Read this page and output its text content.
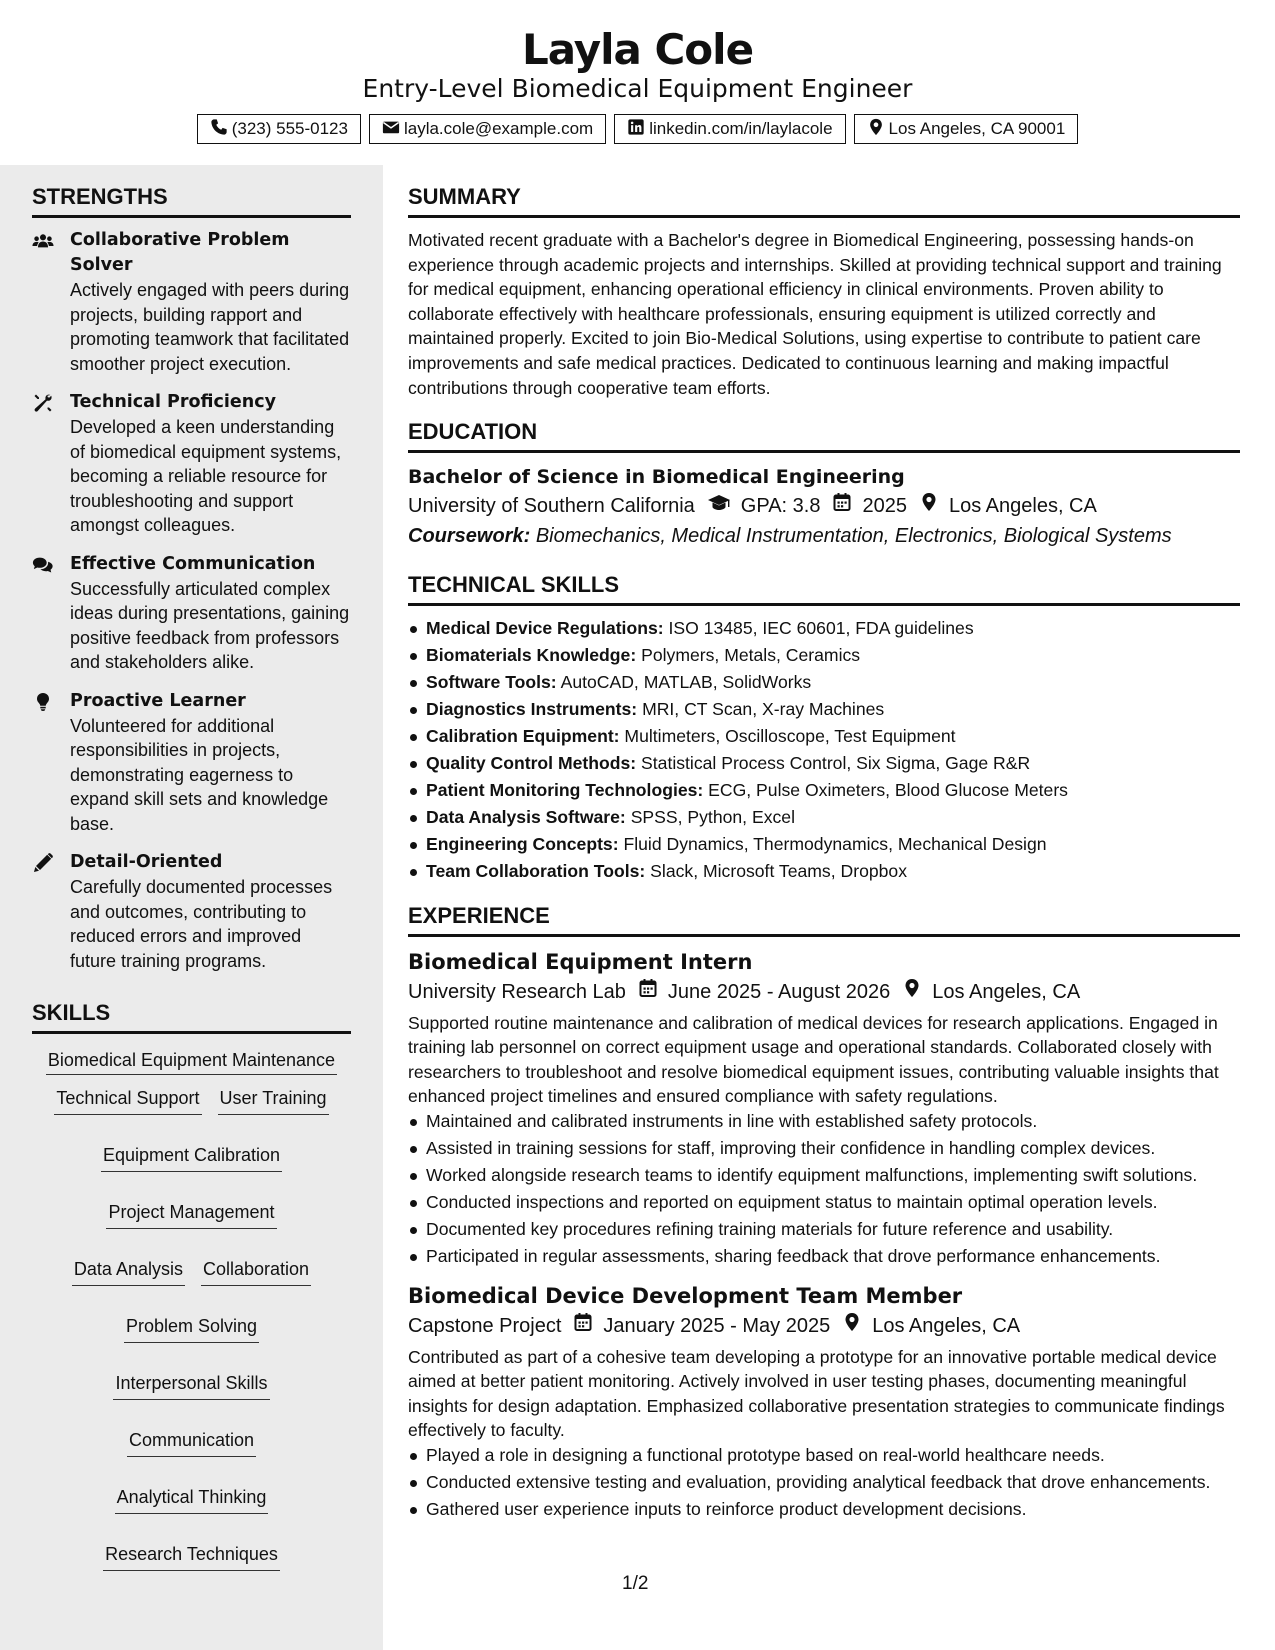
Layla Cole
Entry-Level Biomedical Equipment Engineer
(323) 555-0123	layla.cole@example.com	linkedin.com/in/laylacole	Los Angeles, CA 90001
STRENGTHS
Collaborative Problem Solver
Actively engaged with peers during projects, building rapport and promoting teamwork that facilitated smoother project execution.
Technical Proficiency
Developed a keen understanding of biomedical equipment systems, becoming a reliable resource for troubleshooting and support amongst colleagues.
Effective Communication
Successfully articulated complex ideas during presentations, gaining positive feedback from professors and stakeholders alike.
Proactive Learner
Volunteered for additional responsibilities in projects, demonstrating eagerness to expand skill sets and knowledge base.
Detail-Oriented
Carefully documented processes and outcomes, contributing to reduced errors and improved future training programs.
SKILLS
Biomedical Equipment Maintenance
Technical Support User Training
Equipment Calibration
Project Management
Data Analysis Collaboration
Problem Solving
Interpersonal Skills
Communication
Analytical Thinking
Research Techniques
SUMMARY
Motivated recent graduate with a Bachelor's degree in Biomedical Engineering, possessing hands-on experience through academic projects and internships. Skilled at providing technical support and training for medical equipment, enhancing operational efficiency in clinical environments. Proven ability to collaborate effectively with healthcare professionals, ensuring equipment is utilized correctly and maintained properly. Excited to join Bio-Medical Solutions, using expertise to contribute to patient care improvements and safe medical practices. Dedicated to continuous learning and making impactful contributions through cooperative team efforts.
EDUCATION
Bachelor of Science in Biomedical Engineering
University of Southern California GPA: 3.8 2025 Los Angeles, CA
Coursework: Biomechanics, Medical Instrumentation, Electronics, Biological Systems
TECHNICAL SKILLS
Medical Device Regulations: ISO 13485, IEC 60601, FDA guidelines
Biomaterials Knowledge: Polymers, Metals, Ceramics
Software Tools: AutoCAD, MATLAB, SolidWorks
Diagnostics Instruments: MRI, CT Scan, X-ray Machines
Calibration Equipment: Multimeters, Oscilloscope, Test Equipment
Quality Control Methods: Statistical Process Control, Six Sigma, Gage R&R
Patient Monitoring Technologies: ECG, Pulse Oximeters, Blood Glucose Meters
Data Analysis Software: SPSS, Python, Excel
Engineering Concepts: Fluid Dynamics, Thermodynamics, Mechanical Design
Team Collaboration Tools: Slack, Microsoft Teams, Dropbox
EXPERIENCE
Biomedical Equipment Intern
University Research Lab June 2025 - August 2026 Los Angeles, CA
Supported routine maintenance and calibration of medical devices for research applications. Engaged in training lab personnel on correct equipment usage and operational standards. Collaborated closely with researchers to troubleshoot and resolve biomedical equipment issues, contributing valuable insights that enhanced project timelines and ensured compliance with safety regulations.
Maintained and calibrated instruments in line with established safety protocols.
Assisted in training sessions for staff, improving their confidence in handling complex devices.
Worked alongside research teams to identify equipment malfunctions, implementing swift solutions.
Conducted inspections and reported on equipment status to maintain optimal operation levels.
Documented key procedures refining training materials for future reference and usability.
Participated in regular assessments, sharing feedback that drove performance enhancements.
Biomedical Device Development Team Member
Capstone Project January 2025 - May 2025 Los Angeles, CA
Contributed as part of a cohesive team developing a prototype for an innovative portable medical device aimed at better patient monitoring. Actively involved in user testing phases, documenting meaningful insights for design adaptation. Emphasized collaborative presentation strategies to communicate findings effectively to faculty.
Played a role in designing a functional prototype based on real-world healthcare needs.
Conducted extensive testing and evaluation, providing analytical feedback that drove enhancements.
Gathered user experience inputs to reinforce product development decisions.
1/2
